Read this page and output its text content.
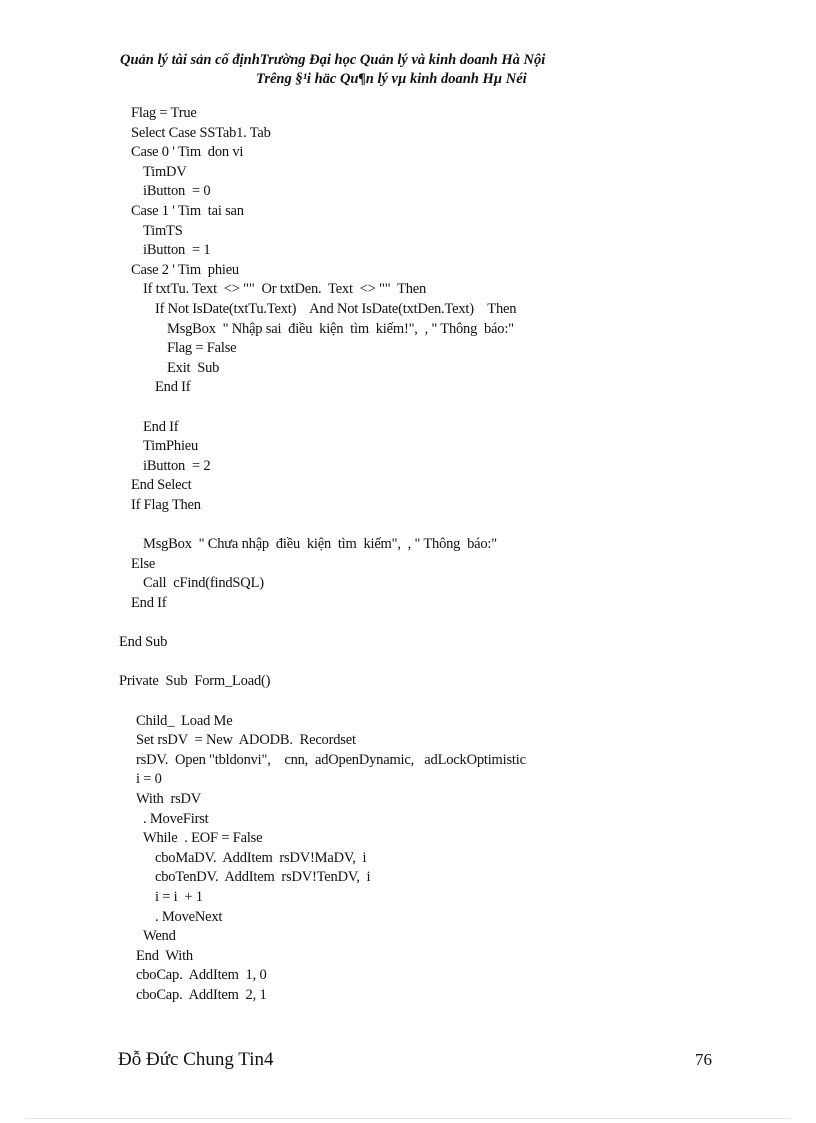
Quản lý tài sản cố địnhTrường Đại học Quản lý và kinh doanh Hà Nội
Trêng §¹i häc Qu¶n lý vµ kinh doanh Hµ Néi
Flag = True
Select Case SSTab1. Tab
Case 0 ' Tim  don vi
TimDV
iButton  = 0
Case 1 ' Tim  tai san
TimTS
iButton  = 1
Case 2 ' Tim  phieu
If txtTu. Text  <> ""  Or txtDen.  Text  <> ""  Then
If Not IsDate(txtTu.Text)    And Not IsDate(txtDen.Text)    Then
MsgBox  " Nhập sai  điều  kiện  tìm  kiếm!",  , " Thông  báo:"
Flag = False
Exit  Sub
End If
End If
TimPhieu
iButton  = 2
End Select
If Flag Then
MsgBox  " Chưa nhập  điều  kiện  tìm  kiếm",  , " Thông  báo:"
Else
Call  cFind(findSQL)
End If
End Sub
Private  Sub  Form_Load()
Child_  Load Me
Set rsDV  = New  ADODB.  Recordset
rsDV.  Open "tbldonvi",    cnn,  adOpenDynamic,   adLockOptimistic
i = 0
With  rsDV
. MoveFirst
While  . EOF = False
cboMaDV.  AddItem  rsDV!MaDV,  i
cboTenDV.  AddItem  rsDV!TenDV,  i
i = i  + 1
. MoveNext
Wend
End  With
cboCap.  AddItem  1, 0
cboCap.  AddItem  2, 1
Đỗ Đức Chung Tin4	76
